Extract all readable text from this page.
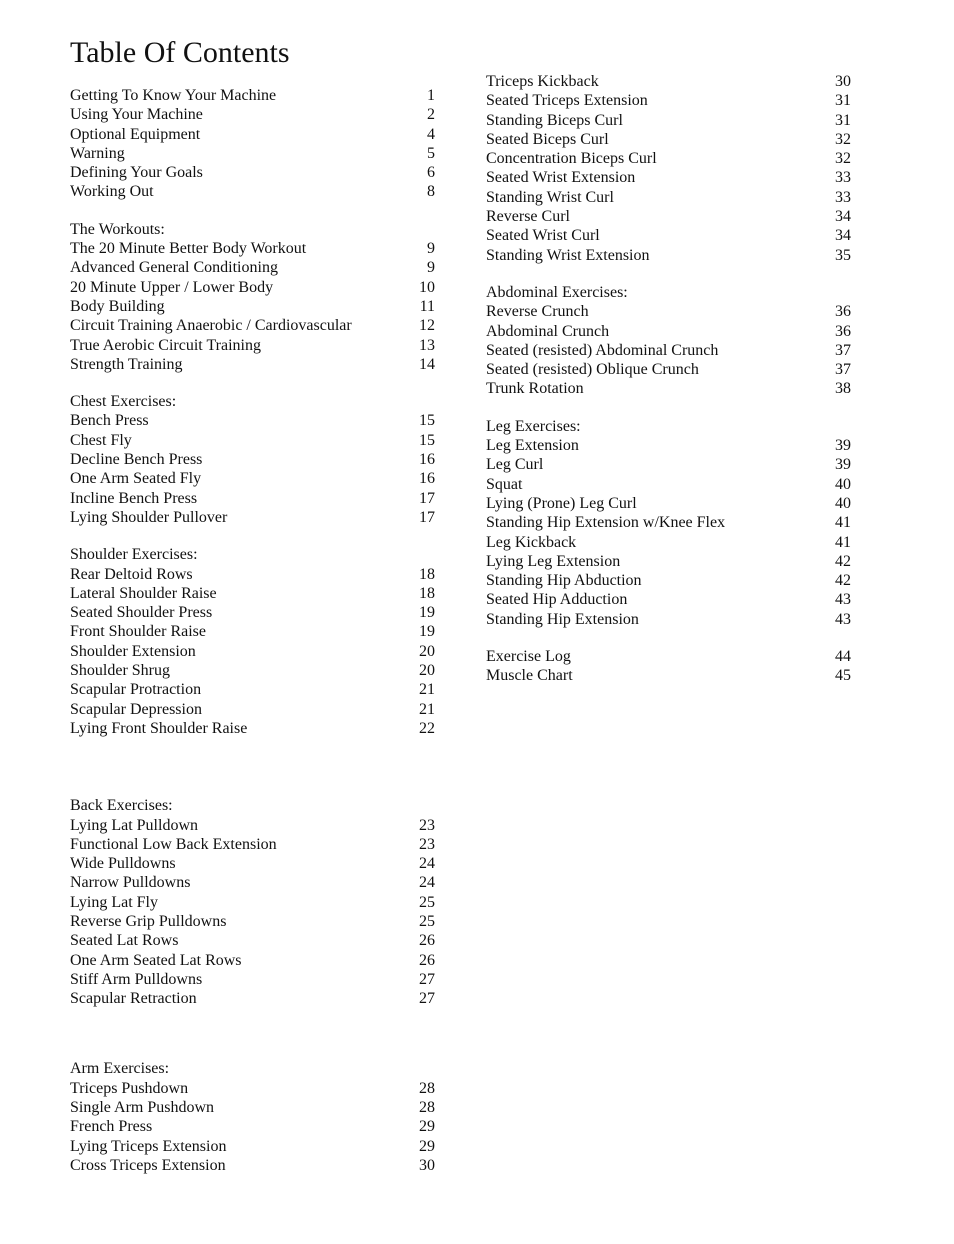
Table Of Contents
Getting To Know Your Machine	1
Using Your Machine	2
Optional Equipment	4
Warning	5
Defining Your Goals	6
Working Out	8
The Workouts:
The 20 Minute Better Body Workout	9
Advanced General Conditioning	9
20 Minute Upper / Lower Body	10
Body Building	11
Circuit Training Anaerobic / Cardiovascular	12
True Aerobic Circuit Training	13
Strength Training	14
Chest Exercises:
Bench Press	15
Chest Fly	15
Decline Bench Press	16
One Arm Seated Fly	16
Incline Bench Press	17
Lying Shoulder Pullover	17
Shoulder Exercises:
Rear Deltoid Rows	18
Lateral Shoulder Raise	18
Seated Shoulder Press	19
Front Shoulder Raise	19
Shoulder Extension	20
Shoulder Shrug	20
Scapular Protraction	21
Scapular Depression	21
Lying Front Shoulder Raise	22
Back Exercises:
Lying Lat Pulldown	23
Functional Low Back Extension	23
Wide Pulldowns	24
Narrow Pulldowns	24
Lying Lat Fly	25
Reverse Grip Pulldowns	25
Seated Lat Rows	26
One Arm Seated Lat Rows	26
Stiff Arm Pulldowns	27
Scapular Retraction	27
Arm Exercises:
Triceps Pushdown	28
Single Arm Pushdown	28
French Press	29
Lying Triceps Extension	29
Cross Triceps Extension	30
Triceps Kickback	30
Seated Triceps Extension	31
Standing Biceps Curl	31
Seated Biceps Curl	32
Concentration Biceps Curl	32
Seated Wrist Extension	33
Standing Wrist Curl	33
Reverse Curl	34
Seated Wrist Curl	34
Standing Wrist Extension	35
Abdominal Exercises:
Reverse Crunch	36
Abdominal Crunch	36
Seated (resisted) Abdominal Crunch	37
Seated (resisted) Oblique Crunch	37
Trunk Rotation	38
Leg Exercises:
Leg Extension	39
Leg Curl	39
Squat	40
Lying (Prone) Leg Curl	40
Standing Hip Extension w/Knee Flex	41
Leg Kickback	41
Lying Leg Extension	42
Standing Hip Abduction	42
Seated Hip Adduction	43
Standing Hip Extension	43
Exercise Log	44
Muscle Chart	45
